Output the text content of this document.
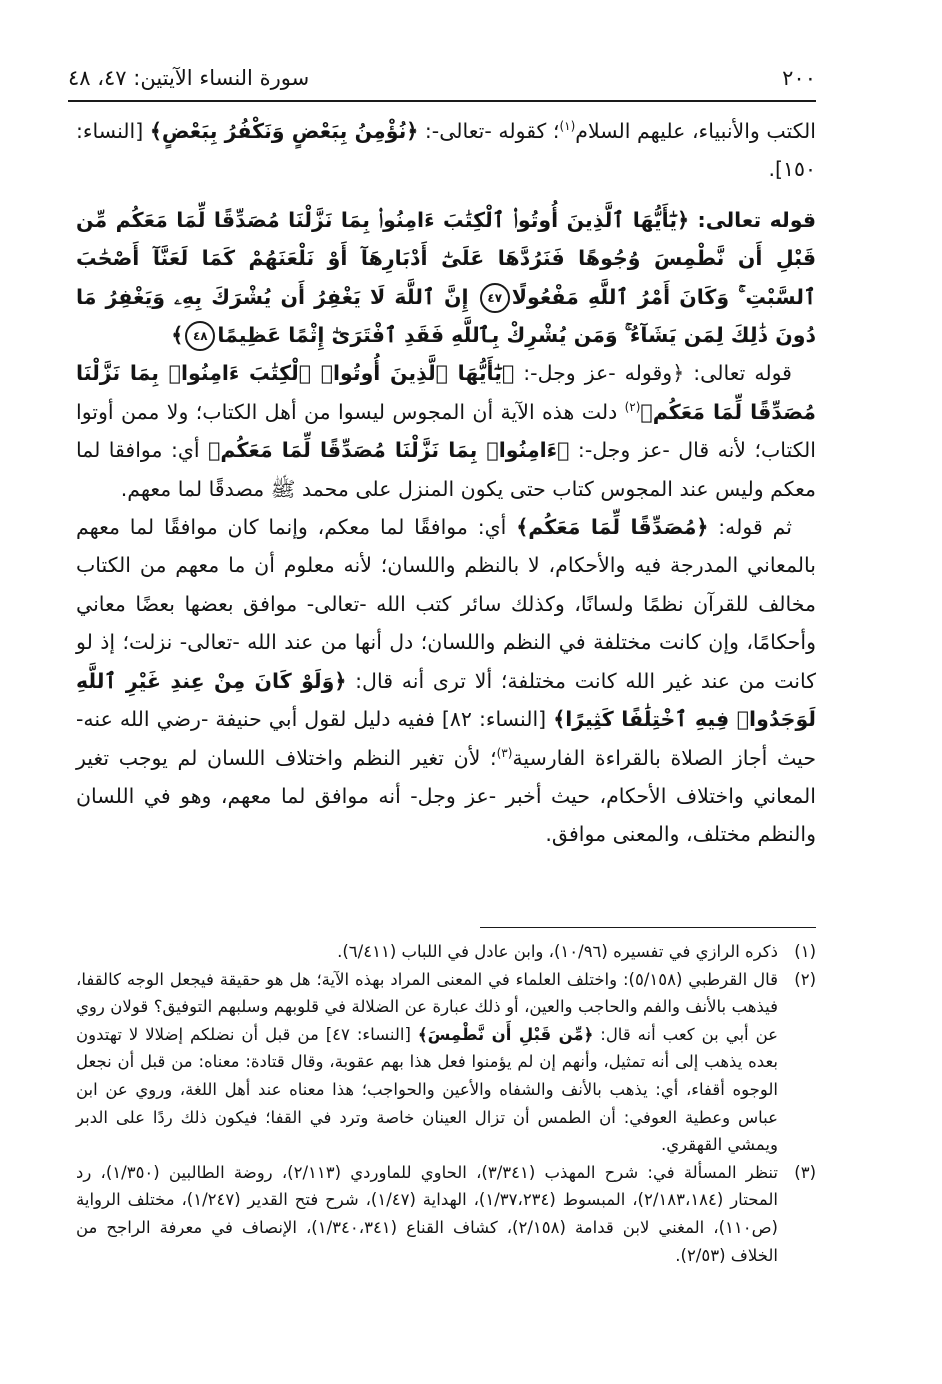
٢٠٠
سورة النساء الآيتين: ٤٧، ٤٨

الكتب والأنبياء، عليهم السلام$^{(١)}$؛ كقوله -تعالى-: ﴿نُؤْمِنُ بِبَعْضٍ وَنَكْفُرُ بِبَعْضٍ﴾ [النساء: ١٥٠].

قوله تعالى: ﴿يَٰٓأَيُّهَا ٱلَّذِينَ أُوتُوا۟ ٱلْكِتَٰبَ ءَامِنُوا۟ بِمَا نَزَّلْنَا مُصَدِّقًا لِّمَا مَعَكُم مِّن قَبْلِ أَن نَّطْمِسَ وُجُوهًا فَنَرُدَّهَا عَلَىٰٓ أَدْبَارِهَآ أَوْ نَلْعَنَهُمْ كَمَا لَعَنَّآ أَصْحَٰبَ ٱلسَّبْتِ ۚ وَكَانَ أَمْرُ ٱللَّهِ مَفْعُولًا٤٧ إِنَّ ٱللَّهَ لَا يَغْفِرُ أَن يُشْرَكَ بِهِۦ وَيَغْفِرُ مَا دُونَ ذَٰلِكَ لِمَن يَشَآءُ ۚ وَمَن يُشْرِكْ بِٱللَّهِ فَقَدِ ٱفْتَرَىٰٓ إِثْمًا عَظِيمًا٤٨﴾

قوله تعالى: ﴿وقوله -عز وجل-: ﴿يَٰٓأَيُّهَا ٱلَّذِينَ أُوتُوا۟ ٱلْكِتَٰبَ ءَامِنُوا۟ بِمَا نَزَّلْنَا مُصَدِّقًا لِّمَا مَعَكُم﴾$^{(٢)}$ دلت هذه الآية أن المجوس ليسوا من أهل الكتاب؛ ولا ممن أوتوا الكتاب؛ لأنه قال -عز وجل-: ﴿ءَامِنُوا۟ بِمَا نَزَّلْنَا مُصَدِّقًا لِّمَا مَعَكُم﴾ أي: موافقا لما معكم وليس عند المجوس كتاب حتى يكون المنزل على محمد ﷺ مصدقًا لما معهم.

ثم قوله: ﴿مُصَدِّقًا لِّمَا مَعَكُم﴾ أي: موافقًا لما معكم، وإنما كان موافقًا لما معهم بالمعاني المدرجة فيه والأحكام، لا بالنظم واللسان؛ لأنه معلوم أن ما معهم من الكتاب مخالف للقرآن نظمًا ولسانًا، وكذلك سائر كتب الله -تعالى- موافق بعضها بعضًا معاني وأحكامًا، وإن كانت مختلفة في النظم واللسان؛ دل أنها من عند الله -تعالى- نزلت؛ إذ لو كانت من عند غير الله كانت مختلفة؛ ألا ترى أنه قال: ﴿وَلَوْ كَانَ مِنْ عِندِ غَيْرِ ٱللَّهِ لَوَجَدُوا۟ فِيهِ ٱخْتِلَٰفًا كَثِيرًا﴾ [النساء: ٨٢] ففيه دليل لقول أبي حنيفة -رضي الله عنه- حيث أجاز الصلاة بالقراءة الفارسية$^{(٣)}$؛ لأن تغير النظم واختلاف اللسان لم يوجب تغير المعاني واختلاف الأحكام، حيث أخبر -عز وجل- أنه موافق لما معهم، وهو في اللسان والنظم مختلف، والمعنى موافق.

(١)
ذكره الرازي في تفسيره (١٠/٩٦)، وابن عادل في اللباب (٦/٤١١).
(٢)
قال القرطبي (٥/١٥٨): واختلف العلماء في المعنى المراد بهذه الآية؛ هل هو حقيقة فيجعل الوجه كالقفا، فيذهب بالأنف والفم والحاجب والعين، أو ذلك عبارة عن الضلالة في قلوبهم وسلبهم التوفيق؟ قولان روي عن أبي بن كعب أنه قال: ﴿مِّن قَبْلِ أَن نَّطْمِسَ﴾ [النساء: ٤٧] من قبل أن نضلكم إضلالا لا تهتدون بعده يذهب إلى أنه تمثيل، وأنهم إن لم يؤمنوا فعل هذا بهم عقوبة، وقال قتادة: معناه: من قبل أن نجعل الوجوه أقفاء، أي: يذهب بالأنف والشفاه والأعين والحواجب؛ هذا معناه عند أهل اللغة، وروي عن ابن عباس وعطية العوفي: أن الطمس أن تزال العينان خاصة وترد في القفا؛ فيكون ذلك ردًا على الدبر ويمشي القهقري.
(٣)
تنظر المسألة في: شرح المهذب (٣/٣٤١)، الحاوي للماوردي (٢/١١٣)، روضة الطالبين (١/٣٥٠)، رد المحتار (٢/١٨٣،١٨٤)، المبسوط (١/٣٧،٢٣٤)، الهداية (١/٤٧)، شرح فتح القدير (١/٢٤٧)، مختلف الرواية (ص١١٠)، المغني لابن قدامة (٢/١٥٨)، كشاف القناع (١/٣٤٠،٣٤١)، الإنصاف في معرفة الراجح من الخلاف (٢/٥٣).
